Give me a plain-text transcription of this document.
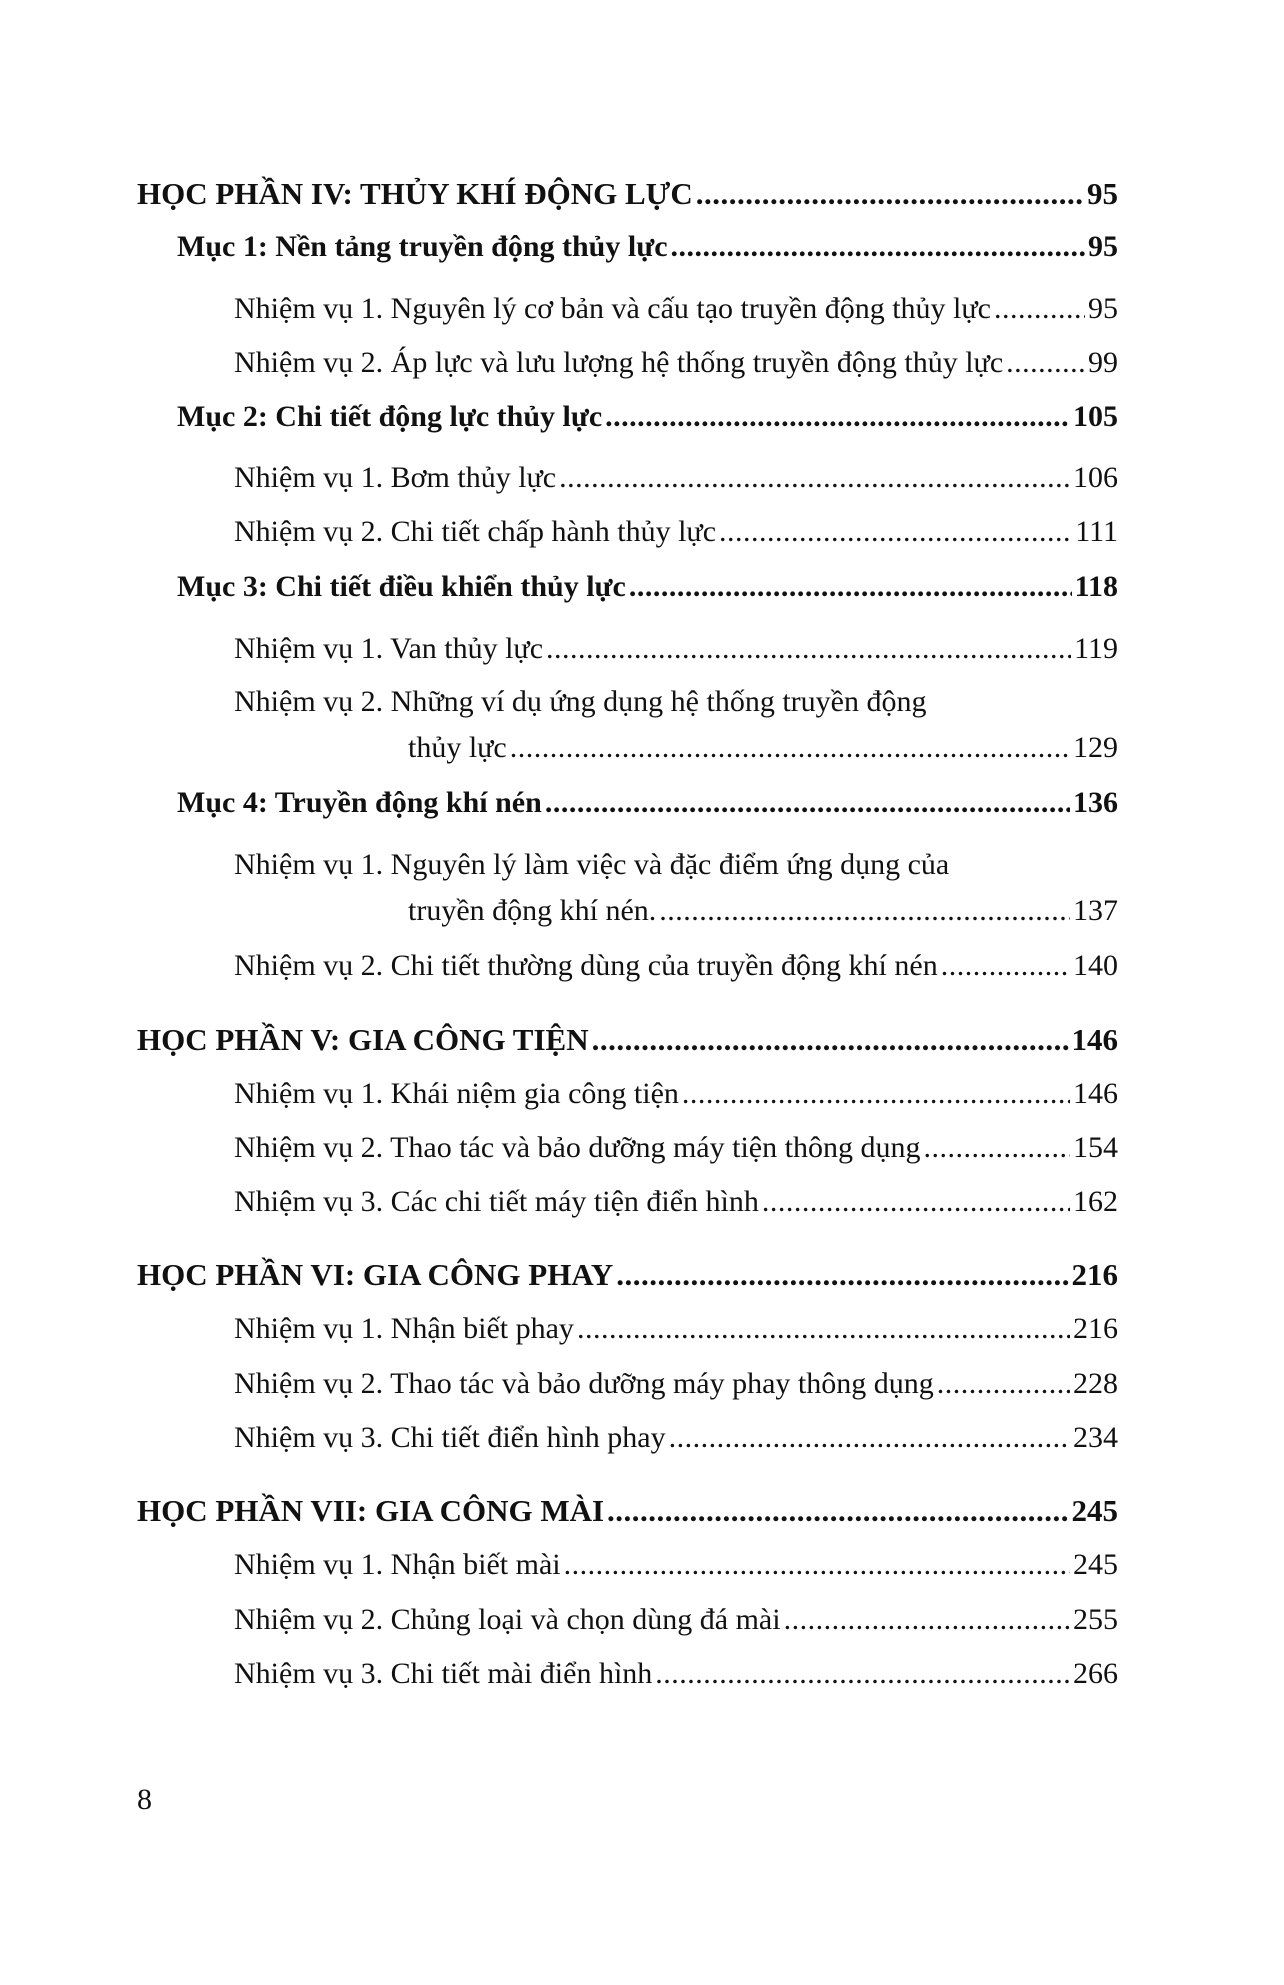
HỌC PHẦN IV: THỦY KHÍ ĐỘNG LỰC .....	95
Mục 1: Nền tảng truyền động thủy lực .....	95
Nhiệm vụ 1. Nguyên lý cơ bản và cấu tạo truyền động thủy lực .....	95
Nhiệm vụ 2. Áp lực và lưu lượng hệ thống truyền động thủy lực .....	99
Mục 2: Chi tiết động lực thủy lực .....	105
Nhiệm vụ 1. Bơm thủy lực .....	106
Nhiệm vụ 2. Chi tiết chấp hành thủy lực .....	111
Mục 3: Chi tiết điều khiển thủy lực .....	118
Nhiệm vụ 1. Van thủy lực .....	119
Nhiệm vụ 2. Những ví dụ ứng dụng hệ thống truyền động
thủy lực .....	129
Mục 4: Truyền động khí nén .....	136
Nhiệm vụ 1. Nguyên lý làm việc và đặc điểm ứng dụng của
truyền động khí nén. .....	137
Nhiệm vụ 2. Chi tiết thường dùng của truyền động khí nén .....	140
HỌC PHẦN V: GIA CÔNG TIỆN .....	146
Nhiệm vụ 1. Khái niệm gia công tiện .....	146
Nhiệm vụ 2. Thao tác và bảo dưỡng máy tiện thông dụng .....	154
Nhiệm vụ 3. Các chi tiết máy tiện điển hình .....	162
HỌC PHẦN VI: GIA CÔNG PHAY .....	216
Nhiệm vụ 1. Nhận biết phay .....	216
Nhiệm vụ 2. Thao tác và bảo dưỡng máy phay thông dụng .....	228
Nhiệm vụ 3. Chi tiết điển hình phay .....	234
HỌC PHẦN VII: GIA CÔNG MÀI .....	245
Nhiệm vụ 1. Nhận biết mài .....	245
Nhiệm vụ 2. Chủng loại và chọn dùng đá mài .....	255
Nhiệm vụ 3. Chi tiết mài điển hình .....	266
8
